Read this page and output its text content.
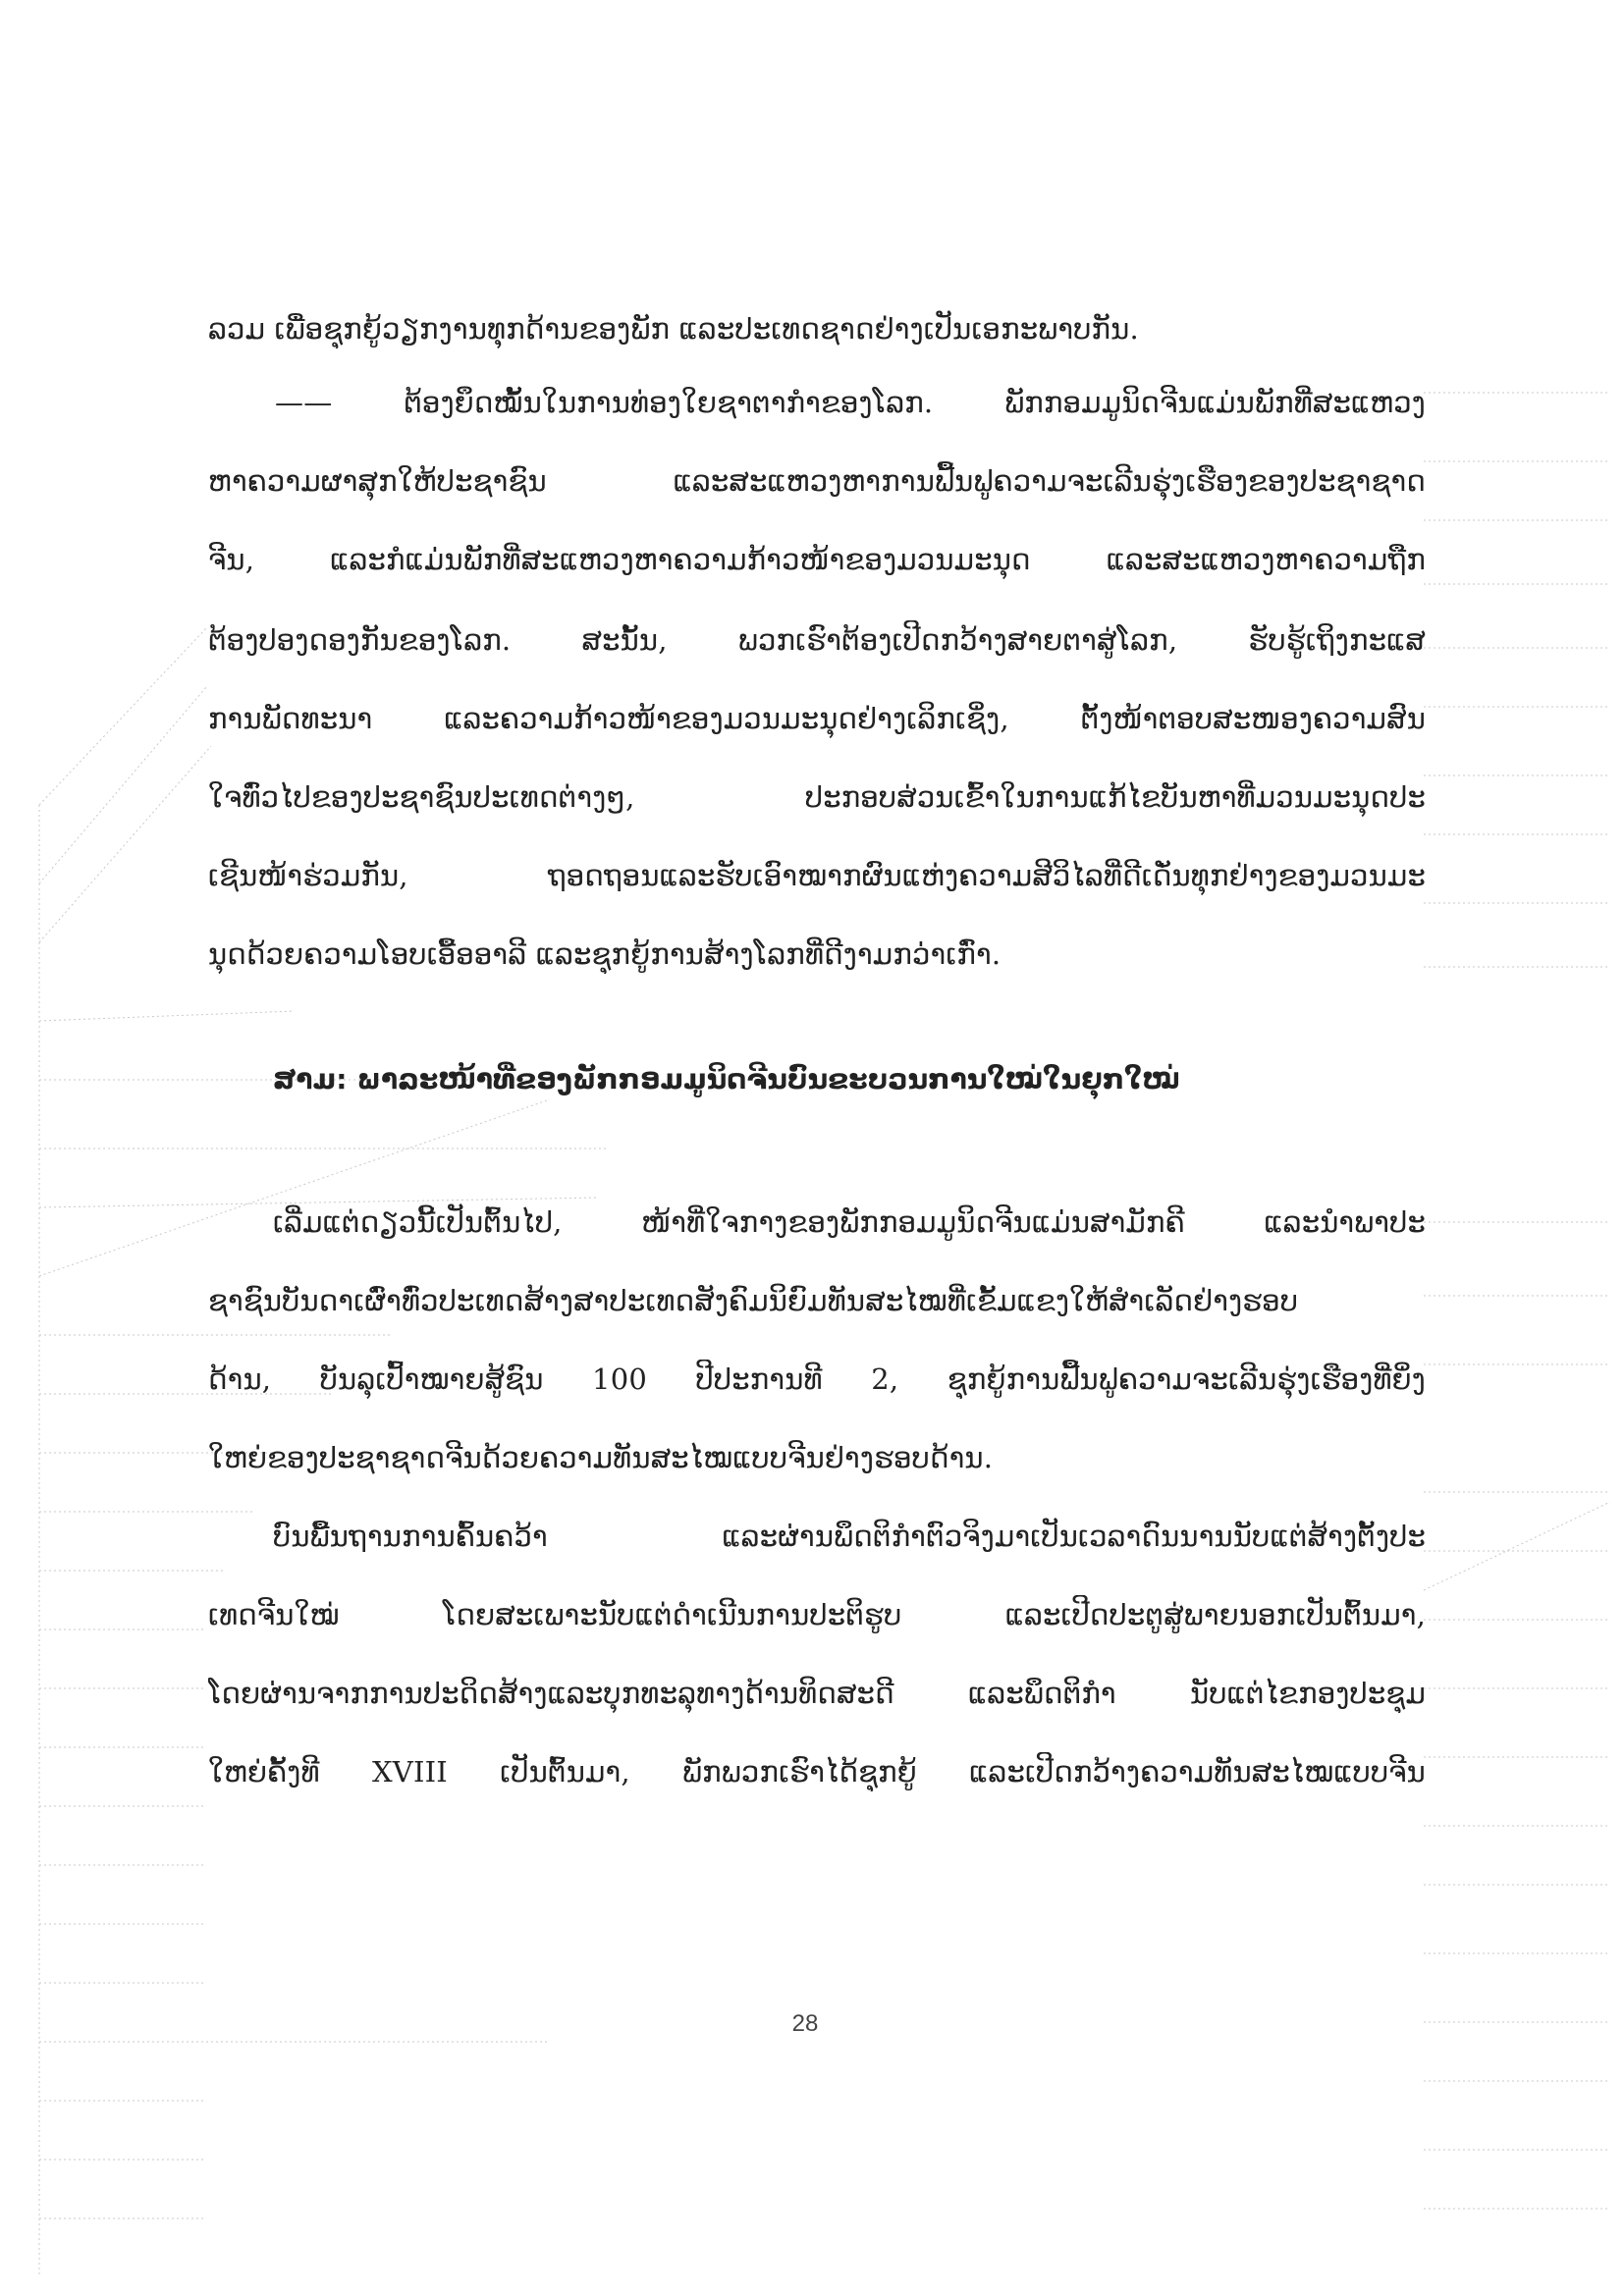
ລວມ ເພື່ອຊຸກຍູ້ວຽກງານທຸກດ້ານຂອງພັກ ແລະປະເທດຊາດຢ່າງເປັນເອກະພາບກັນ.
—— ຕ້ອງຍຶດໝັ້ນໃນການທ່ອງໃຍຊາຕາກຳຂອງໂລກ. ພັກກອມມູນິດຈີນແມ່ນພັກທີ່ສະແຫວງ
ຫາຄວາມຜາສຸກໃຫ້ປະຊາຊົນ ແລະສະແຫວງຫາການຟື້ນຟູຄວາມຈະເລີນຮຸ່ງເຮືອງຂອງປະຊາຊາດ
ຈີນ, ແລະກໍແມ່ນພັກທີ່ສະແຫວງຫາຄວາມກ້າວໜ້າຂອງມວນມະນຸດ ແລະສະແຫວງຫາຄວາມຖືກ
ຕ້ອງປອງດອງກັນຂອງໂລກ. ສະນັ້ນ, ພວກເຮົາຕ້ອງເປີດກວ້າງສາຍຕາສູ່ໂລກ, ຮັບຮູ້ເຖິງກະແສ
ການພັດທະນາ ແລະຄວາມກ້າວໜ້າຂອງມວນມະນຸດຢ່າງເລິກເຊິ່ງ, ຕັ້ງໜ້າຕອບສະໜອງຄວາມສົນ
ໃຈທົ່ວໄປຂອງປະຊາຊົນປະເທດຕ່າງໆ, ປະກອບສ່ວນເຂົ້າໃນການແກ້ໄຂບັນຫາທີ່ມວນມະນຸດປະ
ເຊີນໜ້າຮ່ວມກັນ, ຖອດຖອນແລະຮັບເອົາໝາກຜົນແຫ່ງຄວາມສີວິໄລທີ່ດີເດັ່ນທຸກຢ່າງຂອງມວນມະ
ນຸດດ້ວຍຄວາມໂອບເອື້ອອາລີ ແລະຊຸກຍູ້ການສ້າງໂລກທີ່ດີງາມກວ່າເກົ່າ.
ສາມ: ພາລະໜ້າທີ່ຂອງພັກກອມມູນິດຈີນບົນຂະບວນການໃໝ່ໃນຍຸກໃໝ່
ເລີ່ມແຕ່ດຽວນີ້ເປັນຕົ້ນໄປ, ໜ້າທີ່ໃຈກາງຂອງພັກກອມມູນິດຈີນແມ່ນສາມັກຄີ ແລະນຳພາປະ
ຊາຊົນບັນດາເຜົ່າທົ່ວປະເທດສ້າງສາປະເທດສັງຄົມນິຍົມທັນສະໄໝທີ່ເຂັ້ມແຂງໃຫ້ສຳເລັດຢ່າງຮອບ
ດ້ານ, ບັນລຸເປົ້າໝາຍສູ້ຊົນ 100 ປີປະການທີ 2, ຊຸກຍູ້ການຟື້ນຟູຄວາມຈະເລີນຮຸ່ງເຮືອງທີ່ຍິ່ງ
ໃຫຍ່ຂອງປະຊາຊາດຈີນດ້ວຍຄວາມທັນສະໄໝແບບຈີນຢ່າງຮອບດ້ານ.
ບົນພື້ນຖານການຄົ້ນຄວ້າ ແລະຜ່ານພຶດຕິກຳຕົວຈິງມາເປັນເວລາດົນນານນັບແຕ່ສ້າງຕັ້ງປະ
ເທດຈີນໃໝ່ ໂດຍສະເພາະນັບແຕ່ດຳເນີນການປະຕິຮູບ ແລະເປີດປະຕູສູ່ພາຍນອກເປັນຕົ້ນມາ,
ໂດຍຜ່ານຈາກການປະດິດສ້າງແລະບຸກທະລຸທາງດ້ານທິດສະດີ ແລະພຶດຕິກຳ ນັບແຕ່ໄຂກອງປະຊຸມ
ໃຫຍ່ຄັ້ງທີ XVIII ເປັນຕົ້ນມາ, ພັກພວກເຮົາໄດ້ຊຸກຍູ້ ແລະເປີດກວ້າງຄວາມທັນສະໄໝແບບຈີນ
28
